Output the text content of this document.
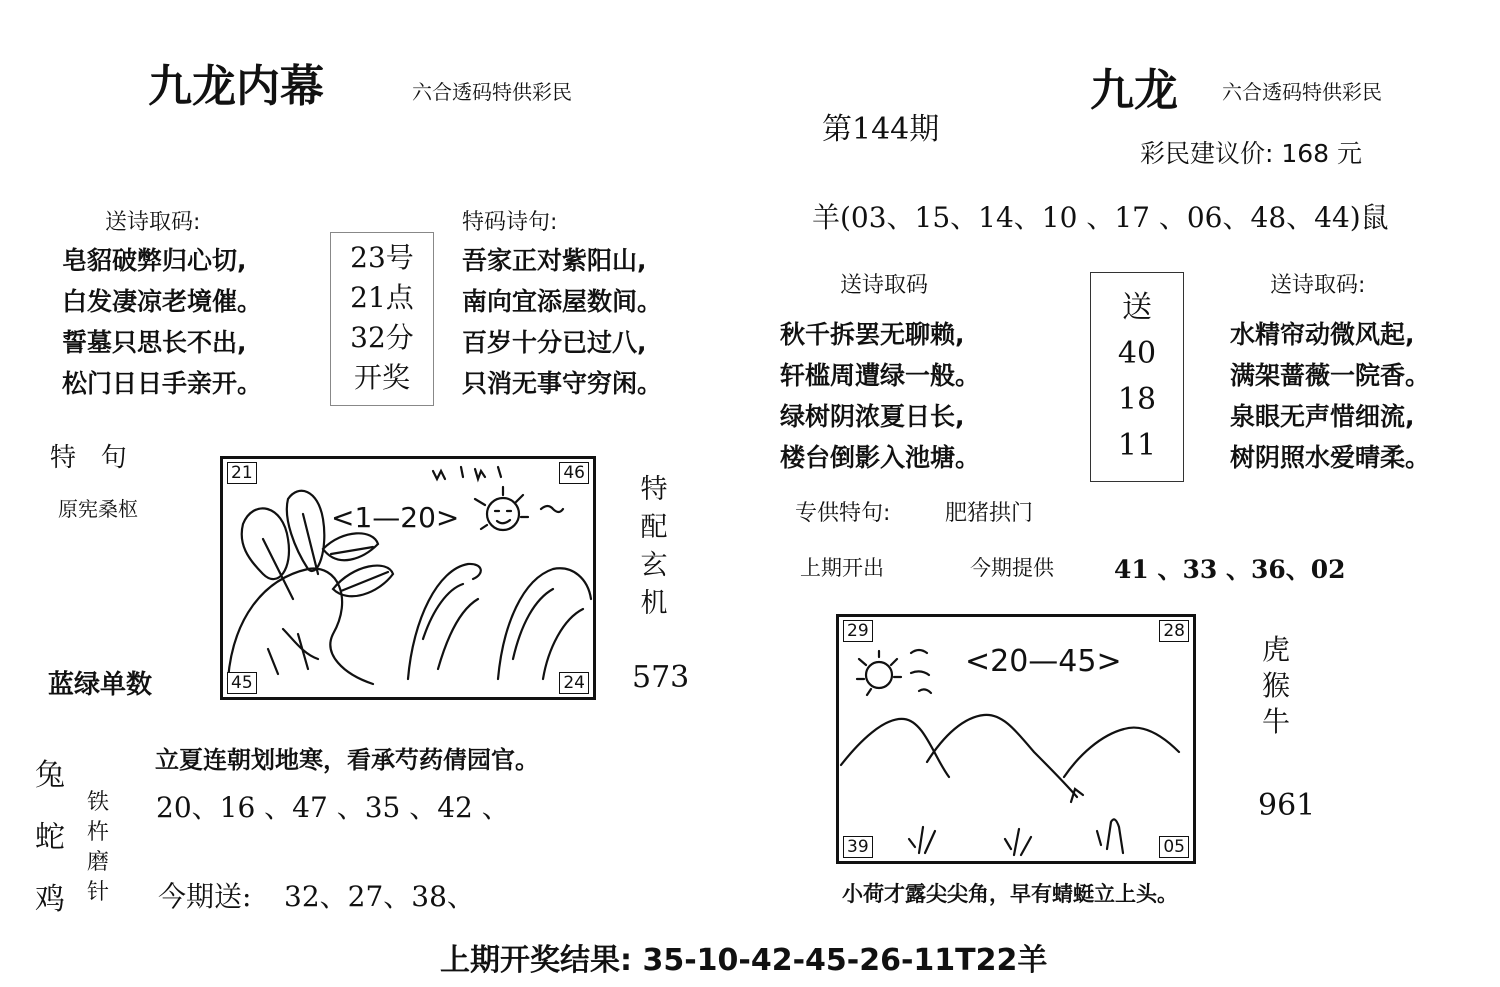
九龙内幕	六合透码特供彩民
送诗取码:
皂貂破弊归心切,
白发凄凉老境催。
誓墓只思长不出,
松门日日手亲开。
23号
21点
32分
开奖
特码诗句:
吾家正对紫阳山,
南向宜添屋数间。
百岁十分已过八,
只消无事守穷闲。
特   句
原宪桑枢	<1—20>
21	46
45	24
特
配
玄
机
蓝绿单数	573
兔
蛇
鸡
铁
杵
磨
针
立夏连朝划地寒，看承芍药倩园官。
20、16 、47 、35 、42 、
今期送: 32、27、38、
第144期
九龙 六合透码特供彩民
彩民建议价: 168 元
羊(03、15、14、10 、17 、06、48、44)鼠
送诗取码
秋千拆罢无聊赖,
轩槛周遭绿一般。
绿树阴浓夏日长,
楼台倒影入池塘。
送
40
18
11
送诗取码:
水精帘动微风起,
满架蔷薇一院香。
泉眼无声惜细流,
树阴照水爱晴柔。
专供特句: 肥猪拱门
上期开出	今期提供 41 、33 、36、02
<20—45>
29	28
39	05
虎
猴
牛
961
小荷才露尖尖角，早有蜻蜓立上头。
上期开奖结果: 35-10-42-45-26-11T22羊
